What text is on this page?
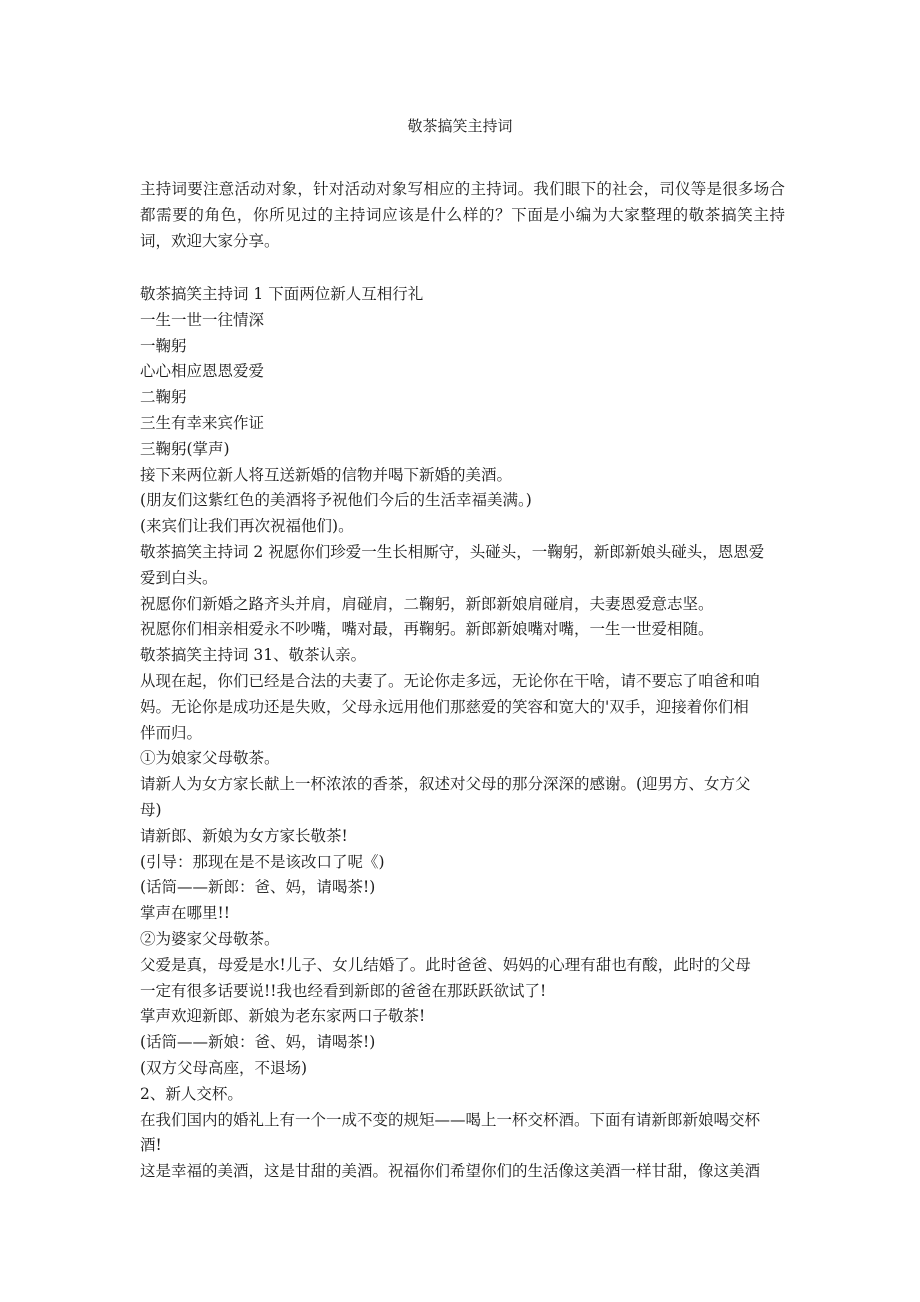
敬茶搞笑主持词

主持词要注意活动对象，针对活动对象写相应的主持词。我们眼下的社会，司仪等是很多场合都需要的角色，你所见过的主持词应该是什么样的？下面是小编为大家整理的敬茶搞笑主持词，欢迎大家分享。

敬茶搞笑主持词 1 下面两位新人互相行礼
一生一世一往情深
一鞠躬
心心相应恩恩爱爱
二鞠躬
三生有幸来宾作证
三鞠躬(掌声)
接下来两位新人将互送新婚的信物并喝下新婚的美酒。
(朋友们这紫红色的美酒将予祝他们今后的生活幸福美满。)
(来宾们让我们再次祝福他们)。
敬茶搞笑主持词 2 祝愿你们珍爱一生长相厮守，头碰头，一鞠躬，新郎新娘头碰头，恩恩爱
爱到白头。
祝愿你们新婚之路齐头并肩，肩碰肩，二鞠躬，新郎新娘肩碰肩，夫妻恩爱意志坚。
祝愿你们相亲相爱永不吵嘴，嘴对最，再鞠躬。新郎新娘嘴对嘴，一生一世爱相随。
敬茶搞笑主持词 31、敬茶认亲。
从现在起，你们已经是合法的夫妻了。无论你走多远，无论你在干啥，请不要忘了咱爸和咱
妈。无论你是成功还是失败，父母永远用他们那慈爱的笑容和宽大的'双手，迎接着你们相
伴而归。
①为娘家父母敬茶。
请新人为女方家长献上一杯浓浓的香茶，叙述对父母的那分深深的感谢。(迎男方、女方父
母)
请新郎、新娘为女方家长敬茶!
(引导：那现在是不是该改口了呢《)
(话筒——新郎：爸、妈，请喝茶!)
掌声在哪里!!
②为婆家父母敬茶。
父爱是真，母爱是水!儿子、女儿结婚了。此时爸爸、妈妈的心理有甜也有酸，此时的父母
一定有很多话要说!!我也经看到新郎的爸爸在那跃跃欲试了!
掌声欢迎新郎、新娘为老东家两口子敬茶!
(话筒——新娘：爸、妈，请喝茶!)
(双方父母高座，不退场)
2、新人交杯。
在我们国内的婚礼上有一个一成不变的规矩——喝上一杯交杯酒。下面有请新郎新娘喝交杯
酒!
这是幸福的美酒，这是甘甜的美酒。祝福你们希望你们的生活像这美酒一样甘甜，像这美酒
